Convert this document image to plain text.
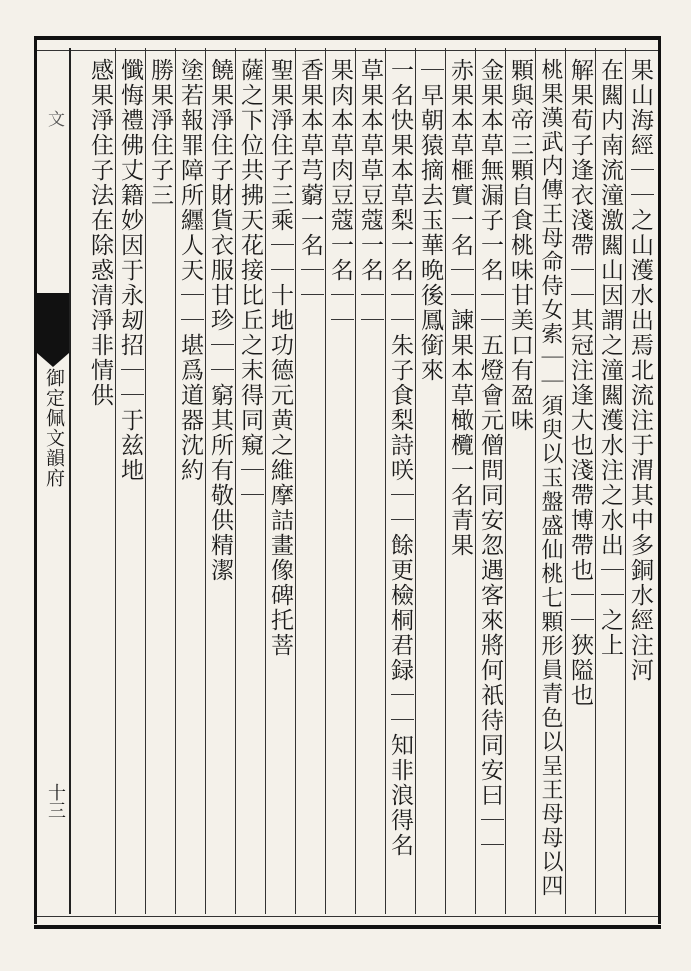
文
御定佩文韻府
十三
果山海經｜｜之山濩水出焉北流注于渭其中多銅水經注河
在闗内南流潼激闗山因謂之潼闗濩水注之水出｜｜之上
解果荀子逢衣淺帶｜｜其冠注逢大也淺帶博帶也｜｜狹隘也
桃果漢武内傳王母命侍女索｜｜須臾以玉盤盛仙桃七顆形員青色以呈王母母以四
顆與帝三顆自食桃味甘美口有盈味
金果本草無漏子一名｜｜五燈會元僧問同安忽遇客來將何祇待同安曰｜｜
赤果本草榧實一名｜｜諫果本草橄欖一名青果
｜早朝猿摘去玉華晩後鳳銜來
一名快果本草梨一名｜｜朱子食梨詩咲｜｜餘更檢桐君録｜｜知非浪得名
草果本草草豆蔻一名｜｜
果肉本草肉豆蔻一名｜｜
香果本草芎藭一名｜｜
聖果淨住子三乘｜｜十地功德元黄之維摩詰畫像碑托菩
薩之下位共拂天花接比丘之末得同窺｜｜
饒果淨住子財貨衣服甘珍｜｜窮其所有敬供精潔
塗若報罪障所纒人天｜｜堪爲道器沈約
勝果淨住子三
懺悔禮佛丈籍妙因于永刼招｜｜于兹地
感果淨住子法在除惑清淨非情供
